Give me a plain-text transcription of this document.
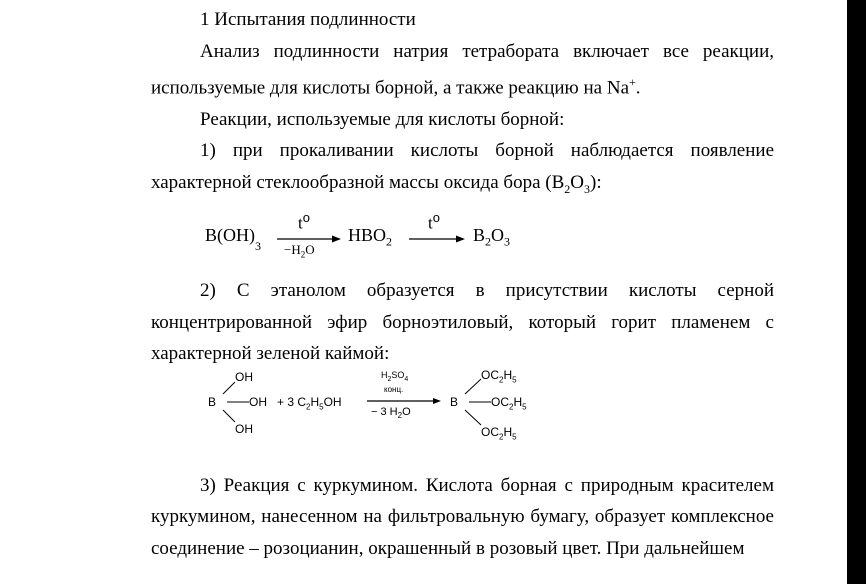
1 Испытания подлинности

Анализ подлинности натрия тетрабората включает все реакции, используемые для кислоты борной, а также реакцию на Na+.

Реакции, используемые для кислоты борной:

1) при прокаливании кислоты борной наблюдается появление характерной стеклообразной массы оксида бора $(B_2O_3)$:

$B(OH)_3$
$t^o$
$-H_2O$
$HBO_2$
$t^o$
$B_2O_3$

2) С этанолом образуется в присутствии кислоты серной концентрированной эфир борноэтиловый, который горит пламенем с характерной зеленой каймой:

OH
B	OH
OH
+ 3 $C_2H_5OH$
$H_2SO_4$
конц.
− 3 $H_2O$
B
$OC_2H_5$
$OC_2H_5$
$OC_2H_5$

3) Реакция с куркумином. Кислота борная с природным красителем куркумином, нанесенном на фильтровальную бумагу, образует комплексное соединение – розоцианин, окрашенный в розовый цвет. При дальнейшем
